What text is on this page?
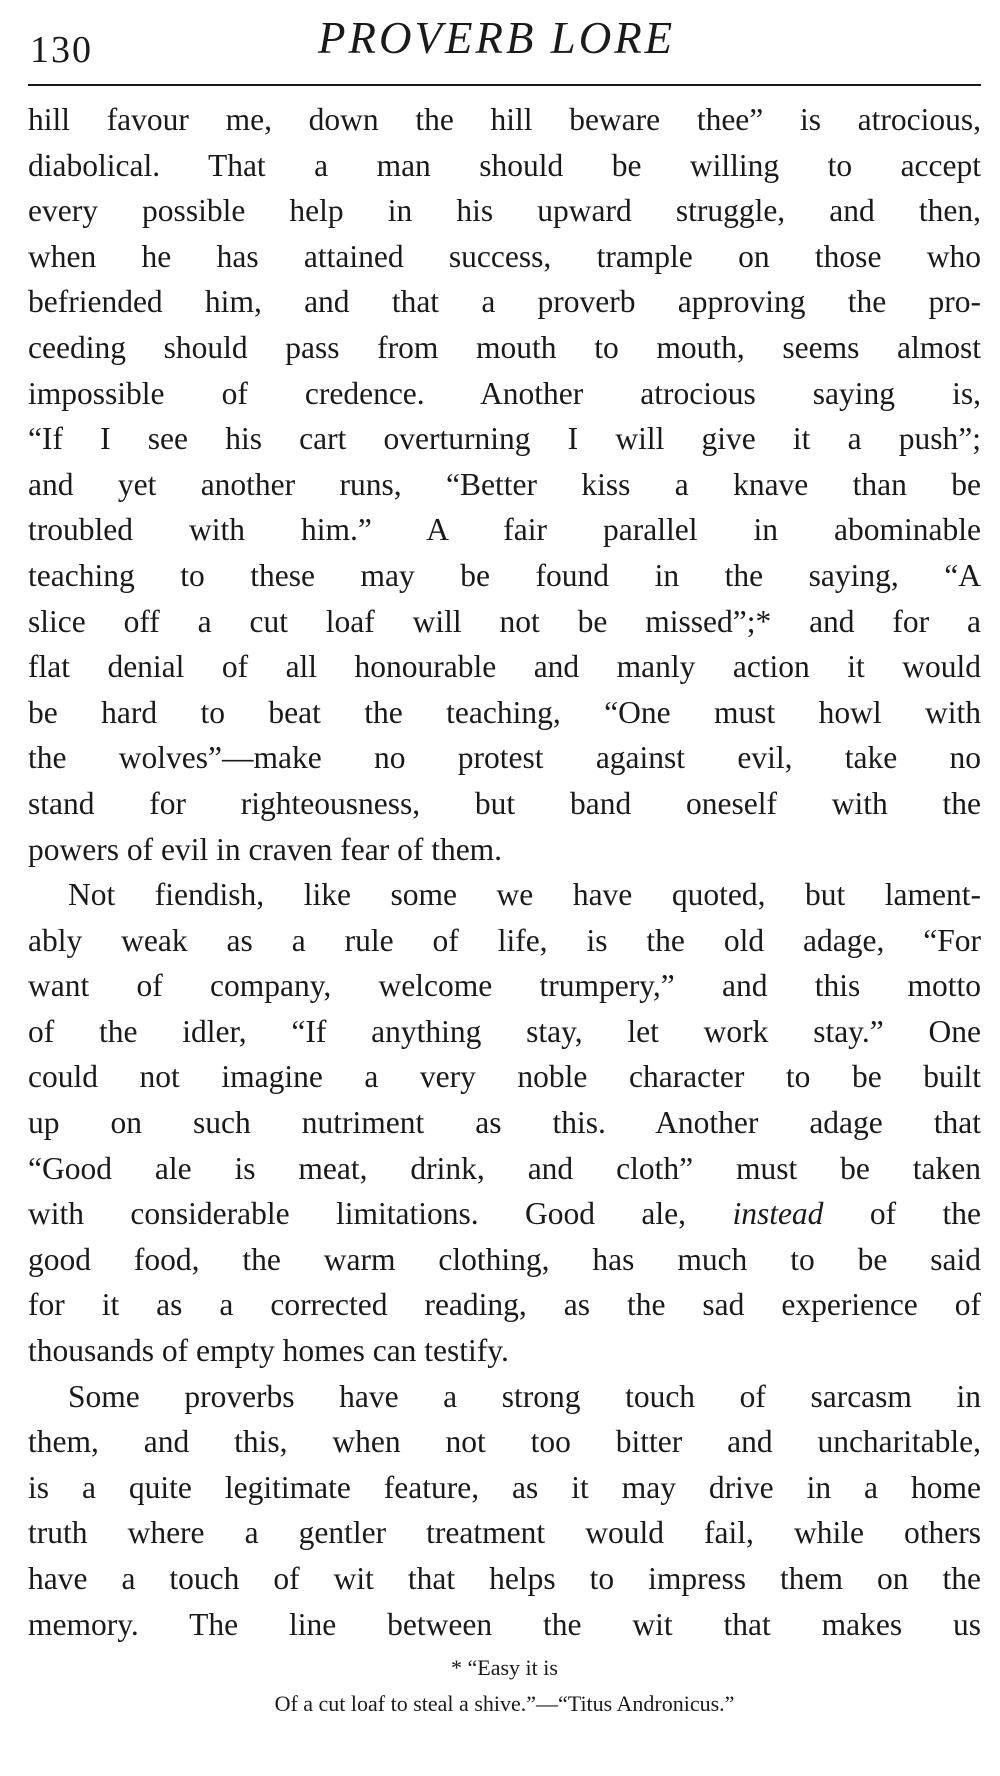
130	PROVERB LORE
hill favour me, down the hill beware thee” is atrocious,
diabolical. That a man should be willing to accept
every possible help in his upward struggle, and then,
when he has attained success, trample on those who
befriended him, and that a proverb approving the pro-
ceeding should pass from mouth to mouth, seems almost
impossible of credence. Another atrocious saying is,
“If I see his cart overturning I will give it a push”;
and yet another runs, “Better kiss a knave than be
troubled with him.” A fair parallel in abominable
teaching to these may be found in the saying, “A
slice off a cut loaf will not be missed”;* and for a
flat denial of all honourable and manly action it would
be hard to beat the teaching, “One must howl with
the wolves”—make no protest against evil, take no
stand for righteousness, but band oneself with the
powers of evil in craven fear of them.
Not fiendish, like some we have quoted, but lament-
ably weak as a rule of life, is the old adage, “For
want of company, welcome trumpery,” and this motto
of the idler, “If anything stay, let work stay.” One
could not imagine a very noble character to be built
up on such nutriment as this. Another adage that
“Good ale is meat, drink, and cloth” must be taken
with considerable limitations. Good ale, instead of the
good food, the warm clothing, has much to be said
for it as a corrected reading, as the sad experience of
thousands of empty homes can testify.
Some proverbs have a strong touch of sarcasm in
them, and this, when not too bitter and uncharitable,
is a quite legitimate feature, as it may drive in a home
truth where a gentler treatment would fail, while others
have a touch of wit that helps to impress them on the
memory. The line between the wit that makes us
* “Easy it is
Of a cut loaf to steal a shive.”—“Titus Andronicus.”
